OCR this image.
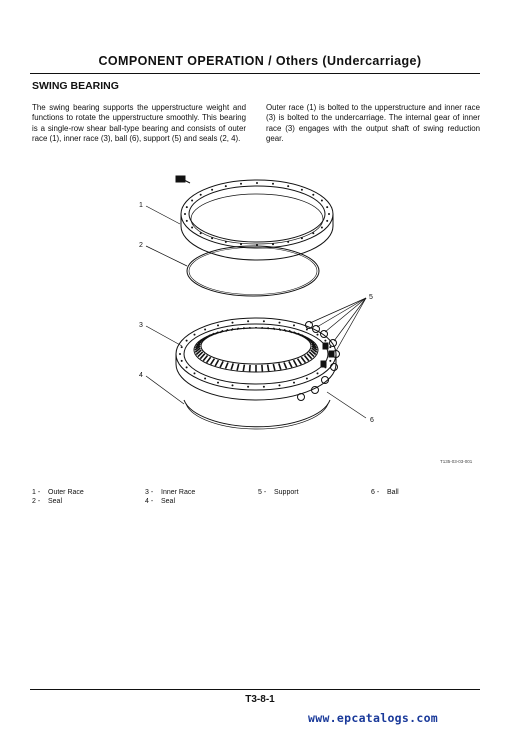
COMPONENT OPERATION / Others (Undercarriage)
SWING BEARING

The swing bearing supports the upperstructure weight and functions to rotate the upperstructure smoothly. This bearing is a single-row shear ball-type bearing and consists of outer race (1), inner race (3), ball (6), support (5) and seals (2, 4).

Outer race (1) is bolted to the upperstructure and inner race (3) is bolted to the undercarriage. The internal gear of inner race (3) engages with the output shaft of swing reduction gear.

1
2
3
4
5
6
T135-03-03-001
1 - Outer Race
2 - Seal
3 - Inner Race
4 - Seal
5 - Support	6 - Ball
T3-8-1
www.epcatalogs.com
